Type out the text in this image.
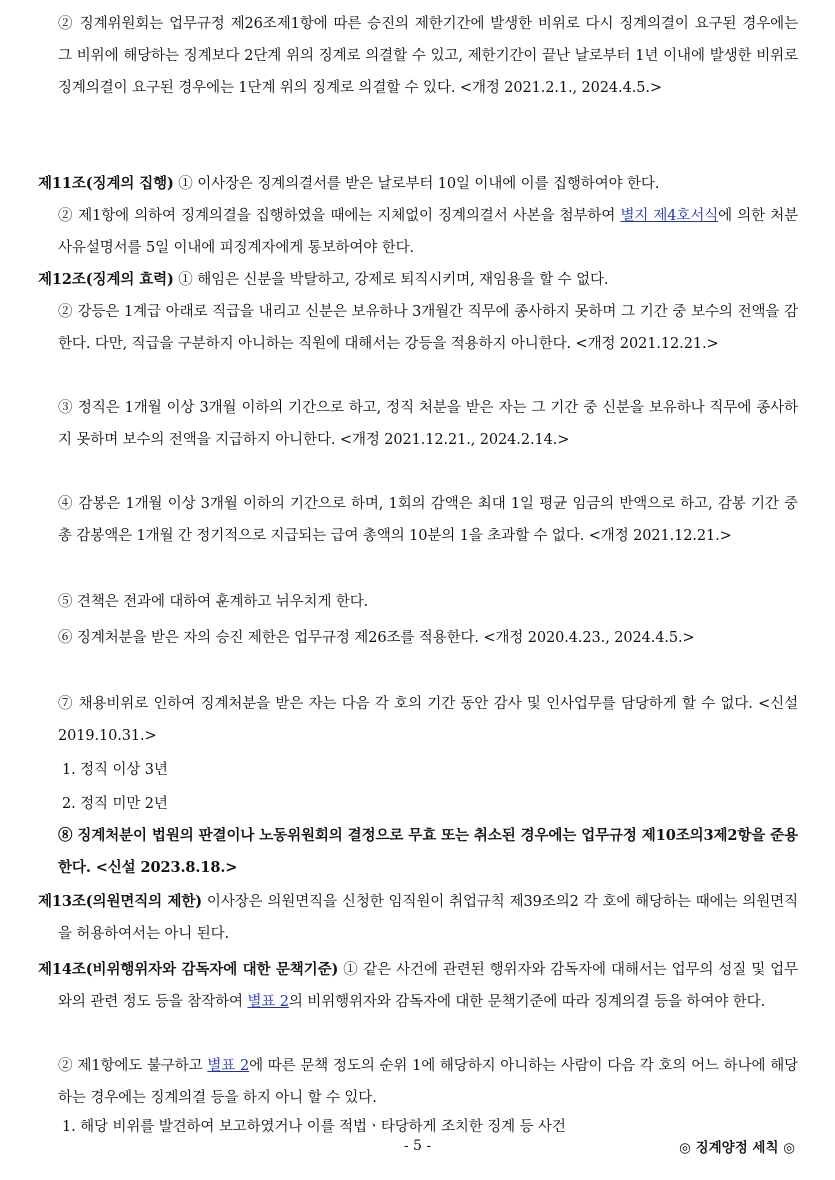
② 징계위원회는 업무규정 제26조제1항에 따른 승진의 제한기간에 발생한 비위로 다시 징계의결이 요구된 경우에는 그 비위에 해당하는 징계보다 2단계 위의 징계로 의결할 수 있고, 제한기간이 끝난 날로부터 1년 이내에 발생한 비위로 징계의결이 요구된 경우에는 1단계 위의 징계로 의결할 수 있다. <개정 2021.2.1., 2024.4.5.>
제11조(징계의 집행) ① 이사장은 징계의결서를 받은 날로부터 10일 이내에 이를 집행하여야 한다.
② 제1항에 의하여 징계의결을 집행하였을 때에는 지체없이 징계의결서 사본을 첨부하여 별지 제4호서식에 의한 처분사유설명서를 5일 이내에 피징계자에게 통보하여야 한다.
제12조(징계의 효력) ① 해임은 신분을 박탈하고, 강제로 퇴직시키며, 재임용을 할 수 없다.
② 강등은 1계급 아래로 직급을 내리고 신분은 보유하나 3개월간 직무에 종사하지 못하며 그 기간 중 보수의 전액을 감한다. 다만, 직급을 구분하지 아니하는 직원에 대해서는 강등을 적용하지 아니한다. <개정 2021.12.21.>
③ 정직은 1개월 이상 3개월 이하의 기간으로 하고, 정직 처분을 받은 자는 그 기간 중 신분을 보유하나 직무에 종사하지 못하며 보수의 전액을 지급하지 아니한다. <개정 2021.12.21., 2024.2.14.>
④ 감봉은 1개월 이상 3개월 이하의 기간으로 하며, 1회의 감액은 최대 1일 평균 임금의 반액으로 하고, 감봉 기간 중 총 감봉액은 1개월 간 정기적으로 지급되는 급여 총액의 10분의 1을 초과할 수 없다. <개정 2021.12.21.>
⑤ 견책은 전과에 대하여 훈계하고 뉘우치게 한다.
⑥ 징계처분을 받은 자의 승진 제한은 업무규정 제26조를 적용한다. <개정 2020.4.23., 2024.4.5.>
⑦ 채용비위로 인하여 징계처분을 받은 자는 다음 각 호의 기간 동안 감사 및 인사업무를 담당하게 할 수 없다. <신설 2019.10.31.>
1. 정직 이상 3년
2. 정직 미만 2년
⑧ 징계처분이 법원의 판결이나 노동위원회의 결정으로 무효 또는 취소된 경우에는 업무규정 제10조의3제2항을 준용한다. <신설 2023.8.18.>
제13조(의원면직의 제한) 이사장은 의원면직을 신청한 임직원이 취업규칙 제39조의2 각 호에 해당하는 때에는 의원면직을 허용하여서는 아니 된다.
제14조(비위행위자와 감독자에 대한 문책기준) ① 같은 사건에 관련된 행위자와 감독자에 대해서는 업무의 성질 및 업무와의 관련 정도 등을 참작하여 별표 2의 비위행위자와 감독자에 대한 문책기준에 따라 징계의결 등을 하여야 한다.
② 제1항에도 불구하고 별표 2에 따른 문책 정도의 순위 1에 해당하지 아니하는 사람이 다음 각 호의 어느 하나에 해당하는 경우에는 징계의결 등을 하지 아니 할 수 있다.
1. 해당 비위를 발견하여 보고하였거나 이를 적법ㆍ타당하게 조치한 징계 등 사건
- 5 -	◎ 징계양정 세칙 ◎
